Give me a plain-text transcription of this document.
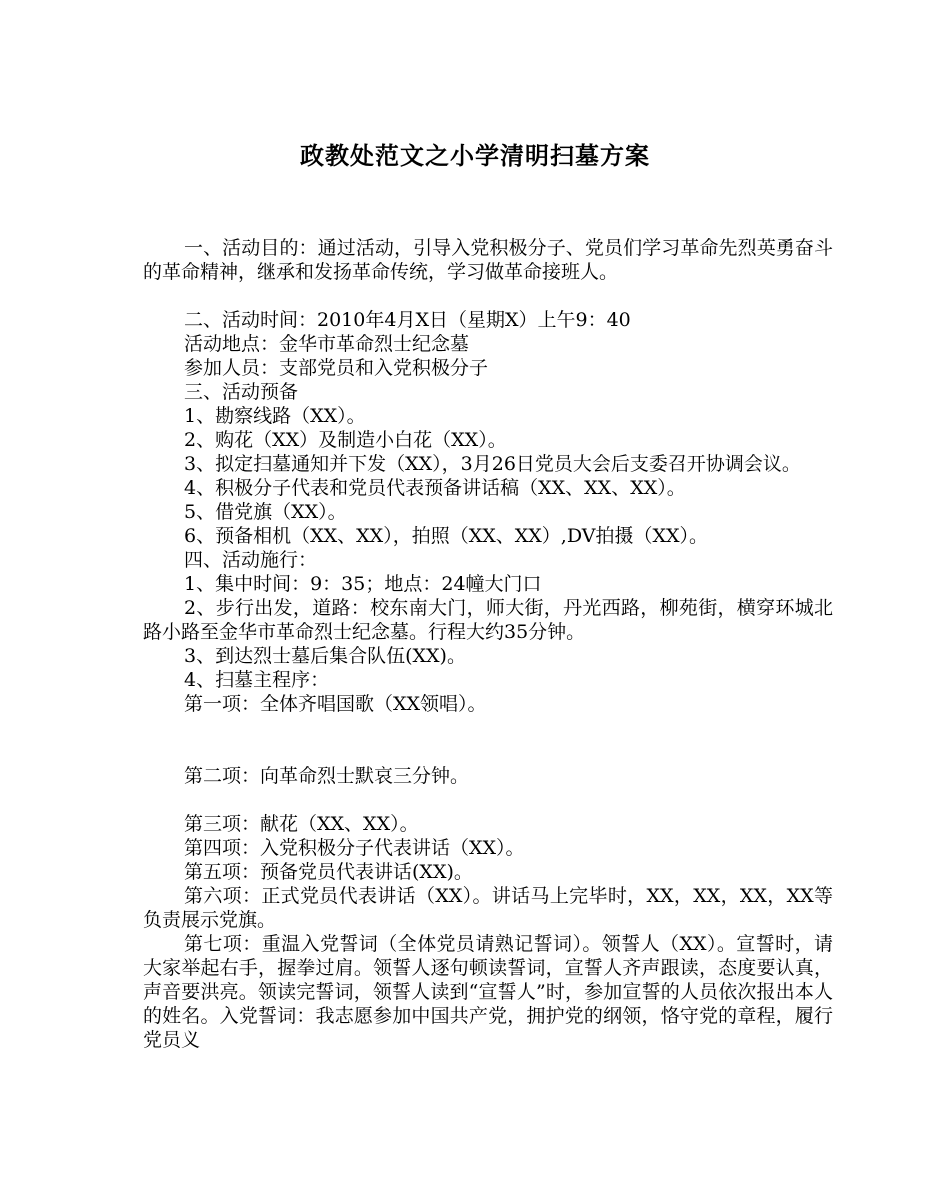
政教处范文之小学清明扫墓方案

一、活动目的：通过活动，引导入党积极分子、党员们学习革命先烈英勇奋斗的革命精神，继承和发扬革命传统，学习做革命接班人。

二、活动时间：2010年4月X日（星期X）上午9：40

活动地点：金华市革命烈士纪念墓

参加人员：支部党员和入党积极分子

三、活动预备

1、勘察线路（XX）。

2、购花（XX）及制造小白花（XX）。

3、拟定扫墓通知并下发（XX），3月26日党员大会后支委召开协调会议。

4、积极分子代表和党员代表预备讲话稿（XX、XX、XX）。

5、借党旗（XX）。

6、预备相机（XX、XX），拍照（XX、XX）,DV拍摄（XX）。

四、活动施行：

1、集中时间：9：35；地点：24幢大门口

2、步行出发，道路：校东南大门，师大街，丹光西路，柳苑街，横穿环城北路小路至金华市革命烈士纪念墓。行程大约35分钟。

3、到达烈士墓后集合队伍(XX)。

4、扫墓主程序：

第一项：全体齐唱国歌（XX领唱）。

第二项：向革命烈士默哀三分钟。

第三项：献花（XX、XX）。

第四项：入党积极分子代表讲话（XX）。

第五项：预备党员代表讲话(XX)。

第六项：正式党员代表讲话（XX）。讲话马上完毕时，XX，XX，XX，XX等负责展示党旗。

第七项：重温入党誓词（全体党员请熟记誓词）。领誓人（XX）。宣誓时，请大家举起右手，握拳过肩。领誓人逐句顿读誓词，宣誓人齐声跟读，态度要认真，声音要洪亮。领读完誓词，领誓人读到“宣誓人”时，参加宣誓的人员依次报出本人的姓名。入党誓词：我志愿参加中国共产党，拥护党的纲领，恪守党的章程，履行党员义
